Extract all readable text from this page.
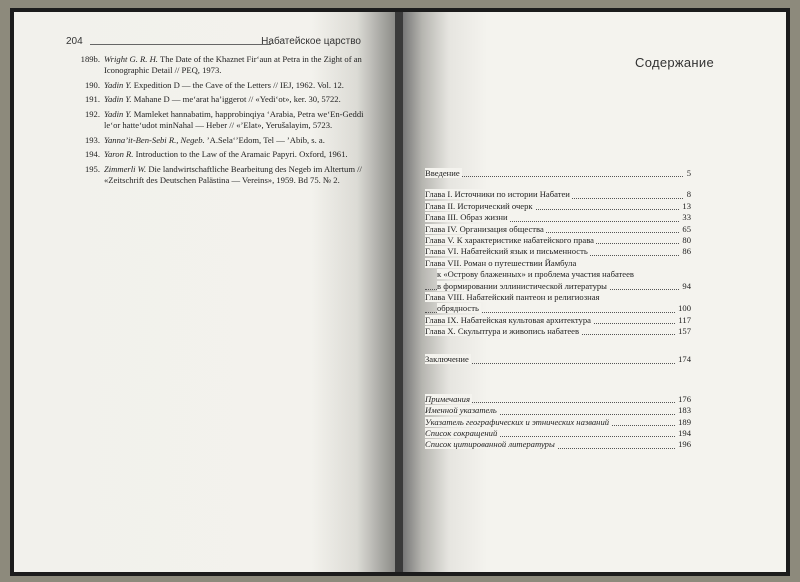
204	Набатейское царство
189b. Wright G. R. H. The Date of the Khaznet Fir‘aun at Petra in the Zight of an Iconographic Detail // PEQ, 1973.
190. Yadin Y. Expedition D — the Cave of the Letters // IEJ, 1962. Vol. 12.
191. Yadin Y. Mahane D — me‘arat ha’iggerot // «Yedi‘ot», ker. 30, 5722.
192. Yadin Y. Mamleket hannabatim, happrobinqiya ‘Arabia, Petra we‘En-Geddi le‘or hatte‘udot minNahal — Heber // «’Elat», Yerušalayim, 5723.
193. Yanna’it-Ben-Sebi R., Negeb. ’A.Sela‘’Edom, Tel — ’Abib, s. a.
194. Yaron R. Introduction to the Law of the Aramaic Papyri. Oxford, 1961.
195. Zimmerli W. Die landwirtschaftliche Bearbeitung des Negeb im Altertum // «Zeitschrift des Deutschen Palästina — Vereins», 1959. Bd 75. № 2.
Содержание
Введение	5
Глава I. Источники по истории Набатеи	8
Глава II. Исторический очерк	13
Глава III. Образ жизни	33
Глава IV. Организация общества	65
Глава V. К характеристике набатейского права	80
Глава VI. Набатейский язык и письменность	86
Глава VII. Роман о путешествии Йамбула
к «Острову блаженных» и проблема участия набатеев
в формировании эллинистической литературы	94
Глава VIII. Набатейский пантеон и религиозная
обрядность	100
Глава IX. Набатейская культовая архитектура	117
Глава X. Скульптура и живопись набатеев	157
Заключение	174
Примечания	176
Именной указатель	183
Указатель географических и этнических названий	189
Список сокращений	194
Список цитированной литературы	196
